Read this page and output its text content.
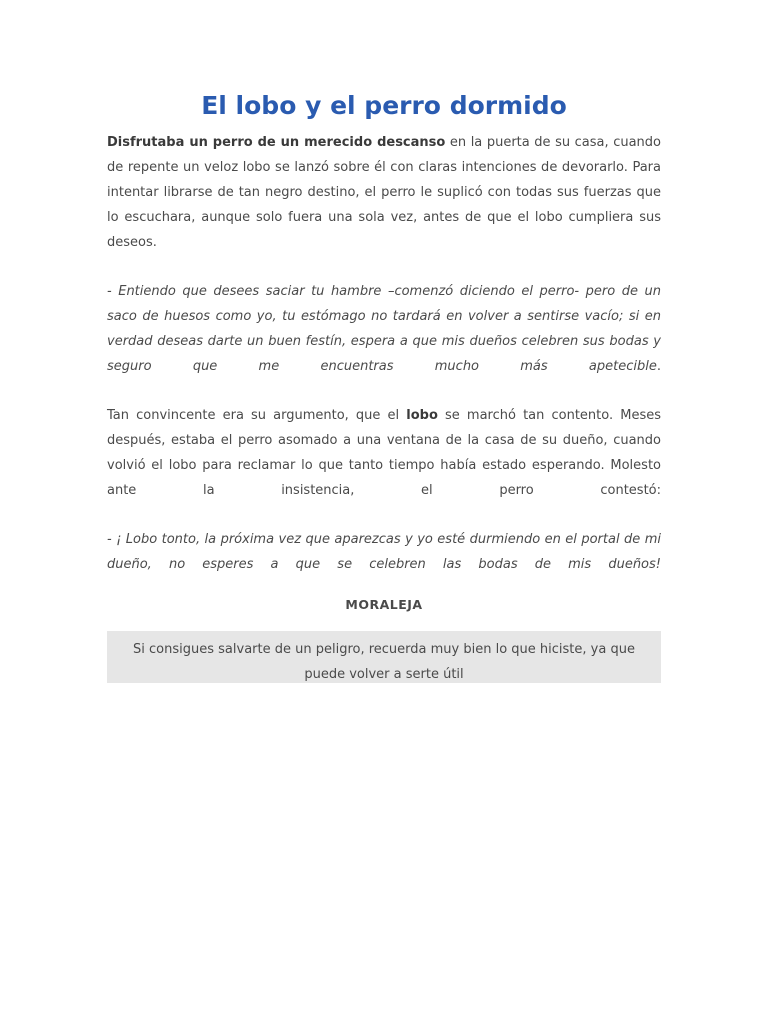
El lobo y el perro dormido

Disfrutaba un perro de un merecido descanso en la puerta de su casa, cuando de repente un veloz lobo se lanzó sobre él con claras intenciones de devorarlo. Para intentar librarse de tan negro destino, el perro le suplicó con todas sus fuerzas que lo escuchara, aunque solo fuera una sola vez, antes de que el lobo cumpliera sus deseos.

- Entiendo que desees saciar tu hambre –comenzó diciendo el perro- pero de un saco de huesos como yo, tu estómago no tardará en volver a sentirse vacío; si en verdad deseas darte un buen festín, espera a que mis dueños celebren sus bodas y seguro que me encuentras mucho más apetecible.

Tan convincente era su argumento, que el lobo se marchó tan contento. Meses después, estaba el perro asomado a una ventana de la casa de su dueño, cuando volvió el lobo para reclamar lo que tanto tiempo había estado esperando. Molesto ante la insistencia, el perro contestó:

- ¡ Lobo tonto, la próxima vez que aparezcas y yo esté durmiendo en el portal de mi dueño, no esperes a que se celebren las bodas de mis dueños!

MORALEJA
Si consigues salvarte de un peligro, recuerda muy bien lo que hiciste, ya que puede volver a serte útil
